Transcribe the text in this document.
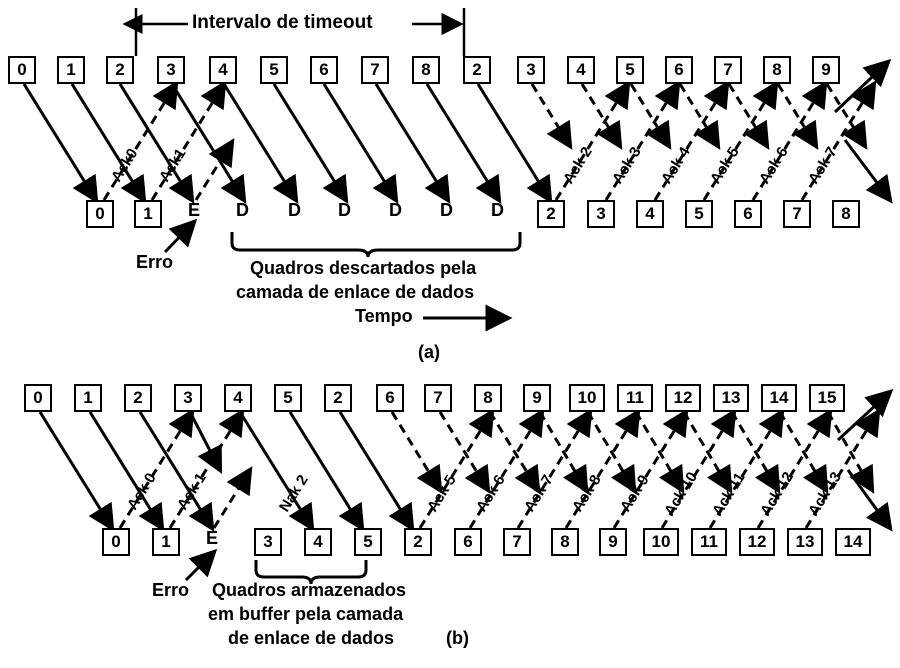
Intervalo de timeout
0	1	2	3	4	5	6	7	8	2	3	4	5	6	7	8	9
0	1	E D D D D D D	2	3	4	5	6	7	8
Ack0 Ack1	Ack 2 Ack 3 Ack 4 Ack 5 Ack 6 Ack 7
Erro	Quadros descartados pela
camada de enlace de dados
Tempo
(a)
0	1	2	3	4	5	2	6	7	8	9	10	11	12	13	14	15
0	1	E	3	4	5	2	6	7	8	9	10	11	12	13	14
Ack 0 Ack 1	Nak 2	Ack 5 Ack 6 Ack 7 Ack 8 Ack 9 Ack 10 Ack 11 Ack 12 Ack 13
Erro Quadros armazenados
em buffer pela camada
de enlace de dados	(b)
